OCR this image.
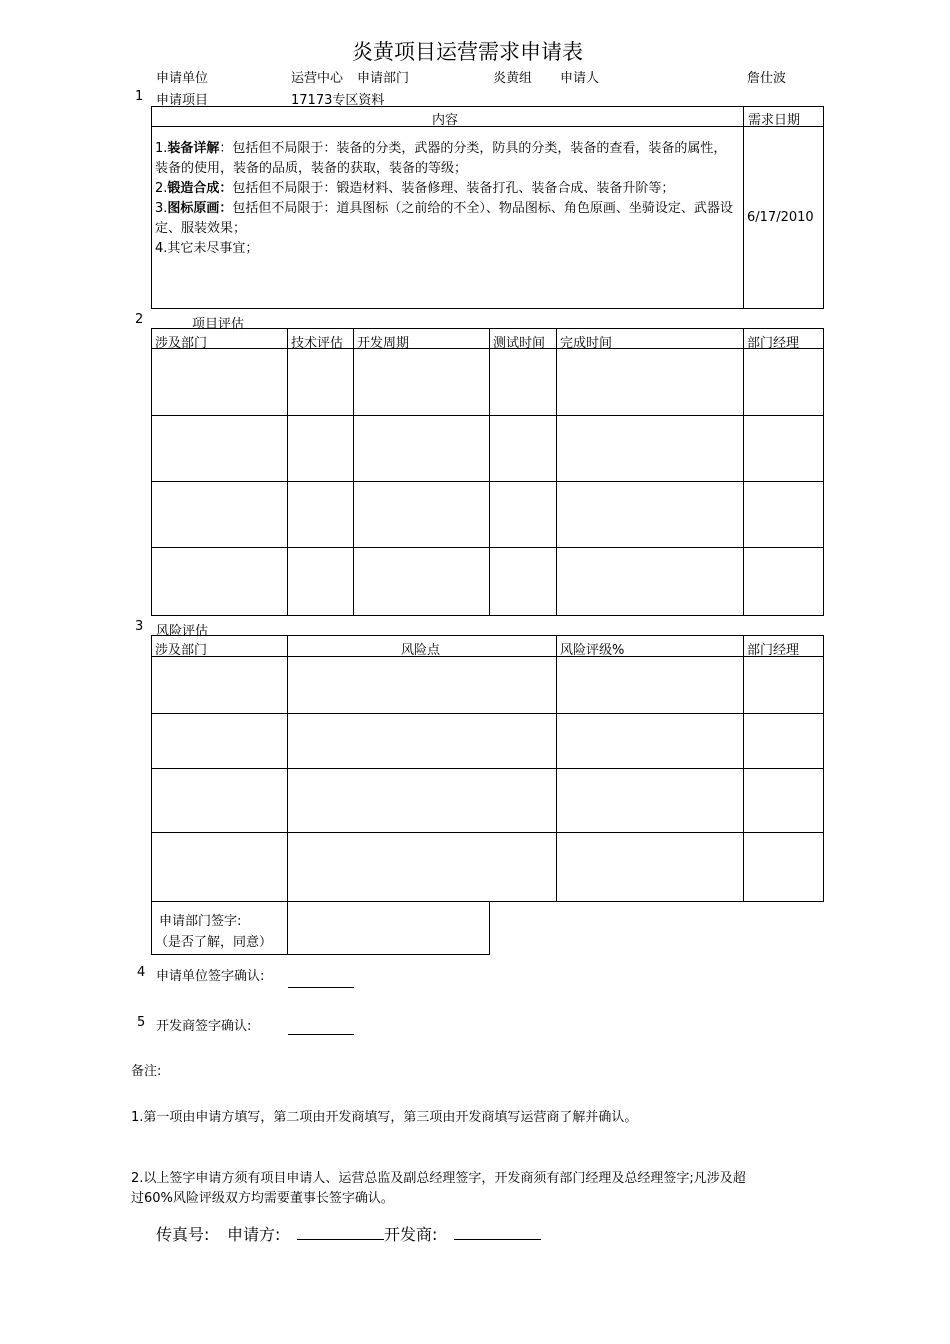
炎黄项目运营需求申请表
申请单位	运营中心 申请部门	炎黄组 申请人	詹仕波
1 申请项目	17173专区资料
内容	需求日期
1.装备详解：包括但不局限于：装备的分类，武器的分类，防具的分类，装备的查看，装备的属性，装备的使用，装备的品质，装备的获取，装备的等级；
2.锻造合成：包括但不局限于：锻造材料、装备修理、装备打孔、装备合成、装备升阶等；
3.图标原画：包括但不局限于：道具图标（之前给的不全）、物品图标、角色原画、坐骑设定、武器设定、服装效果；
4.其它未尽事宜；
6/17/2010
2	项目评估
涉及部门	技术评估 开发周期	测试时间 完成时间	部门经理
3 风险评估
涉及部门	风险点	风险评级%	部门经理
申请部门签字:
（是否了解，同意）
4 申请单位签字确认:
5 开发商签字确认:
备注:
1.第一项由申请方填写，第二项由开发商填写，第三项由开发商填写运营商了解并确认。
2.以上签字申请方须有项目申请人、运营总监及副总经理签字，开发商须有部门经理及总经理签字;凡涉及超
过60%风险评级双方均需要董事长签字确认。
传真号: 申请方:	开发商:
